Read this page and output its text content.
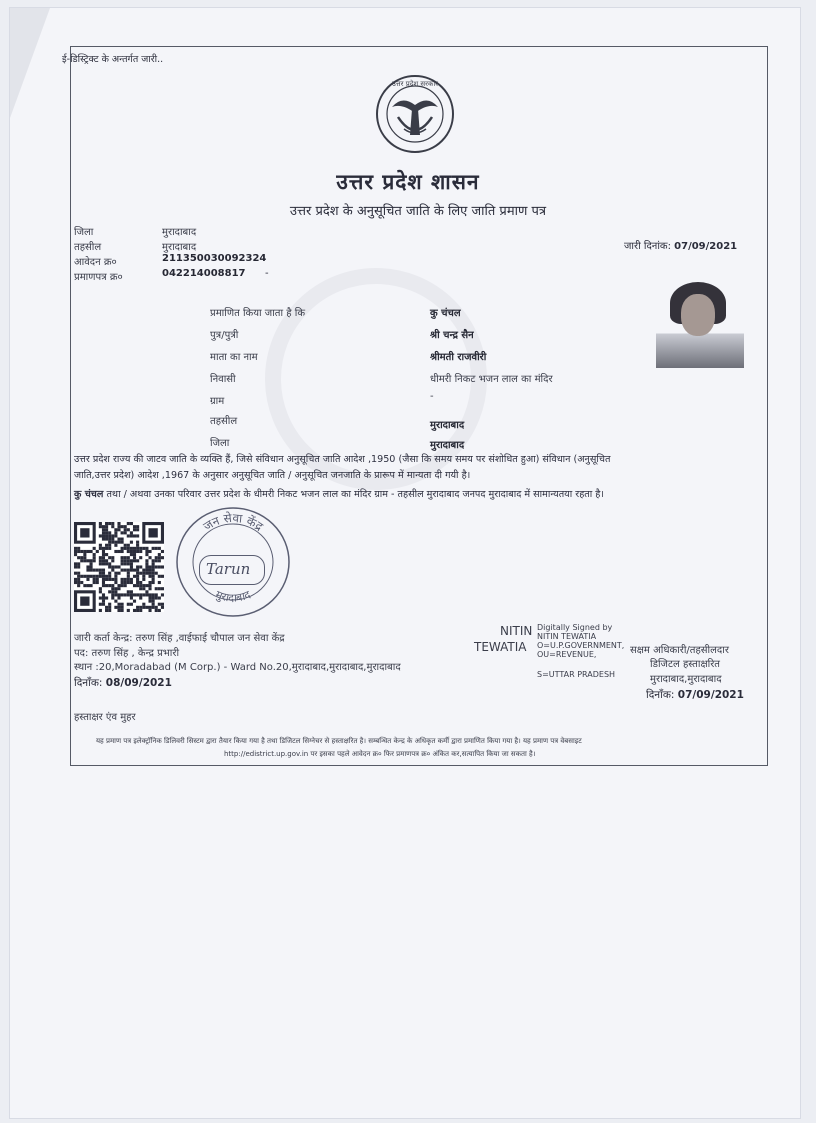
ई-डिस्ट्रिक्ट के अन्तर्गत जारी..
उत्तर प्रदेश सरकार
उत्तर प्रदेश शासन
उत्तर प्रदेश के अनुसूचित जाति के लिए जाति प्रमाण पत्र
जिला	मुरादाबाद
तहसील	मुरादाबाद
आवेदन क्र०	211350030092324
प्रमाणपत्र क्र०	042214008817 -
जारी दिनांक: 07/09/2021
प्रमाणित किया जाता है कि	कु चंचल
पुत्र/पुत्री	श्री चन्द्र सैन
माता का नाम	श्रीमती राजवीरी
निवासी	धीमरी निकट भजन लाल का मंदिर
ग्राम	-
तहसील	मुरादाबाद
जिला	मुरादाबाद
उत्तर प्रदेश राज्य की जाटव जाति के व्यक्ति हैं, जिसे संविधान अनुसूचित जाति आदेश ,1950 (जैसा कि समय समय पर संशोधित हुआ) संविधान (अनुसूचित
जाति,उत्तर प्रदेश) आदेश ,1967 के अनुसार अनुसूचित जाति / अनुसूचित जनजाति के प्रारूप में मान्यता दी गयी है।
कु चंचल तथा / अथवा उनका परिवार उत्तर प्रदेश के धीमरी निकट भजन लाल का मंदिर ग्राम - तहसील मुरादाबाद जनपद मुरादाबाद में सामान्यतया रहता है।
जन सेवा केंद्र
मुरादाबाद
Tarun
जारी कर्ता केन्द्र: तरुण सिंह ,वाईफाई चौपाल जन सेवा केंद्र
पद: तरुण सिंह , केन्द्र प्रभारी
स्थान :20,Moradabad (M Corp.) - Ward No.20,मुरादाबाद,मुरादाबाद,मुरादाबाद
दिनाँक: 08/09/2021
NITIN
TEWATIA
Digitally Signed by
NITIN TEWATIA
O=U.P.GOVERNMENT,
OU=REVENUE,
S=UTTAR PRADESH
सक्षम अधिकारी/तहसीलदार
डिजिटल हस्ताक्षरित
मुरादाबाद,मुरादाबाद
दिनाँक: 07/09/2021
हस्ताक्षर एंव मुहर
यह प्रमाण पत्र इलेक्ट्रॉनिक डिलिवरी सिस्टम द्वारा तैयार किया गया है तथा डिजिटल सिग्नेचर से हस्ताक्षरित है। सम्बन्धित केन्द्र के अधिकृत कर्मी द्वारा प्रमाणित किया गया है। यह प्रमाण पत्र वेबसाइट
http://edistrict.up.gov.in पर इसका पहले आवेदन क्र० फिर प्रमाणपत्र क्र० अंकित कर,सत्यापित किया जा सकता है।
